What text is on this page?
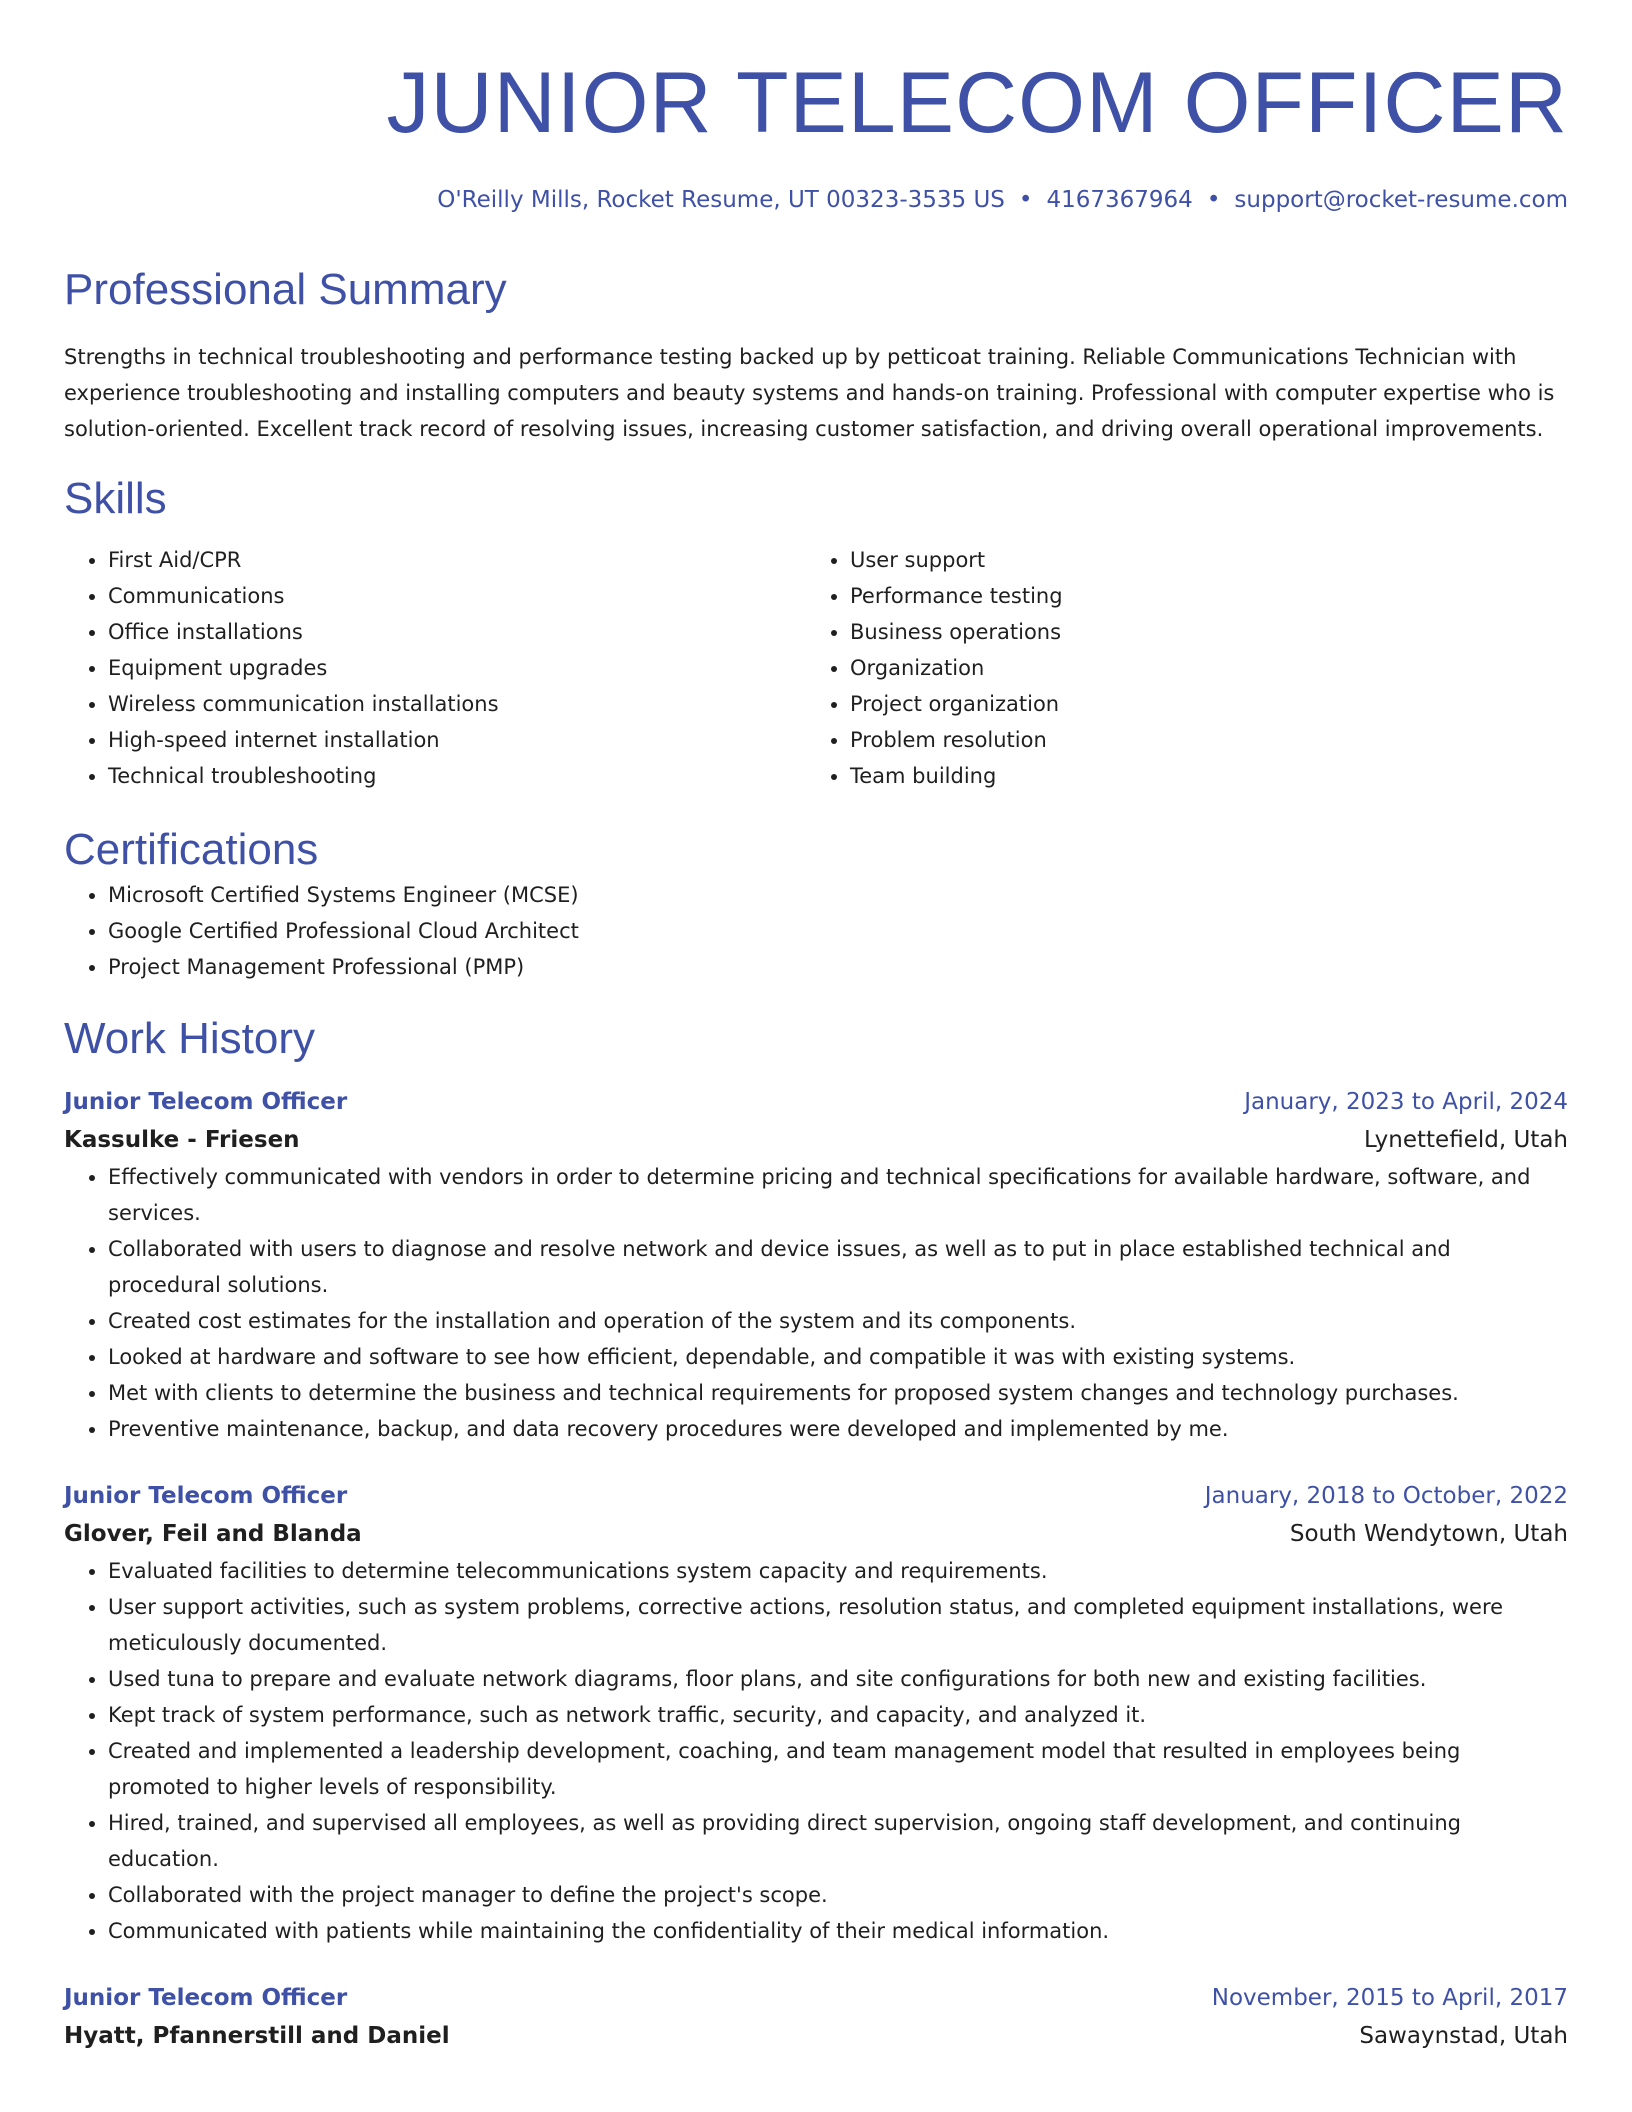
JUNIOR TELECOM OFFICER
O'Reilly Mills, Rocket Resume, UT 00323-3535 US • 4167367964 • support@rocket-resume.com
Professional Summary

Strengths in technical troubleshooting and performance testing backed up by petticoat training. Reliable Communications Technician with experience troubleshooting and installing computers and beauty systems and hands-on training. Professional with computer expertise who is solution-oriented. Excellent track record of resolving issues, increasing customer satisfaction, and driving overall operational improvements.

Skills
• First Aid/CPR
• Communications
• Office installations
• Equipment upgrades
• Wireless communication installations
• High-speed internet installation
• Technical troubleshooting
• User support
• Performance testing
• Business operations
• Organization
• Project organization
• Problem resolution
• Team building
Certifications
• Microsoft Certified Systems Engineer (MCSE)
• Google Certified Professional Cloud Architect
• Project Management Professional (PMP)
Work History
Junior Telecom Officer	January, 2023 to April, 2024
Kassulke - Friesen	Lynettefield, Utah
• Effectively communicated with vendors in order to determine pricing and technical specifications for available hardware, software, and services.
• Collaborated with users to diagnose and resolve network and device issues, as well as to put in place established technical and procedural solutions.
• Created cost estimates for the installation and operation of the system and its components.
• Looked at hardware and software to see how efficient, dependable, and compatible it was with existing systems.
• Met with clients to determine the business and technical requirements for proposed system changes and technology purchases.
• Preventive maintenance, backup, and data recovery procedures were developed and implemented by me.
Junior Telecom Officer	January, 2018 to October, 2022
Glover, Feil and Blanda	South Wendytown, Utah
• Evaluated facilities to determine telecommunications system capacity and requirements.
• User support activities, such as system problems, corrective actions, resolution status, and completed equipment installations, were meticulously documented.
• Used tuna to prepare and evaluate network diagrams, floor plans, and site configurations for both new and existing facilities.
• Kept track of system performance, such as network traffic, security, and capacity, and analyzed it.
• Created and implemented a leadership development, coaching, and team management model that resulted in employees being promoted to higher levels of responsibility.
• Hired, trained, and supervised all employees, as well as providing direct supervision, ongoing staff development, and continuing education.
• Collaborated with the project manager to define the project's scope.
• Communicated with patients while maintaining the confidentiality of their medical information.
Junior Telecom Officer	November, 2015 to April, 2017
Hyatt, Pfannerstill and Daniel	Sawaynstad, Utah
